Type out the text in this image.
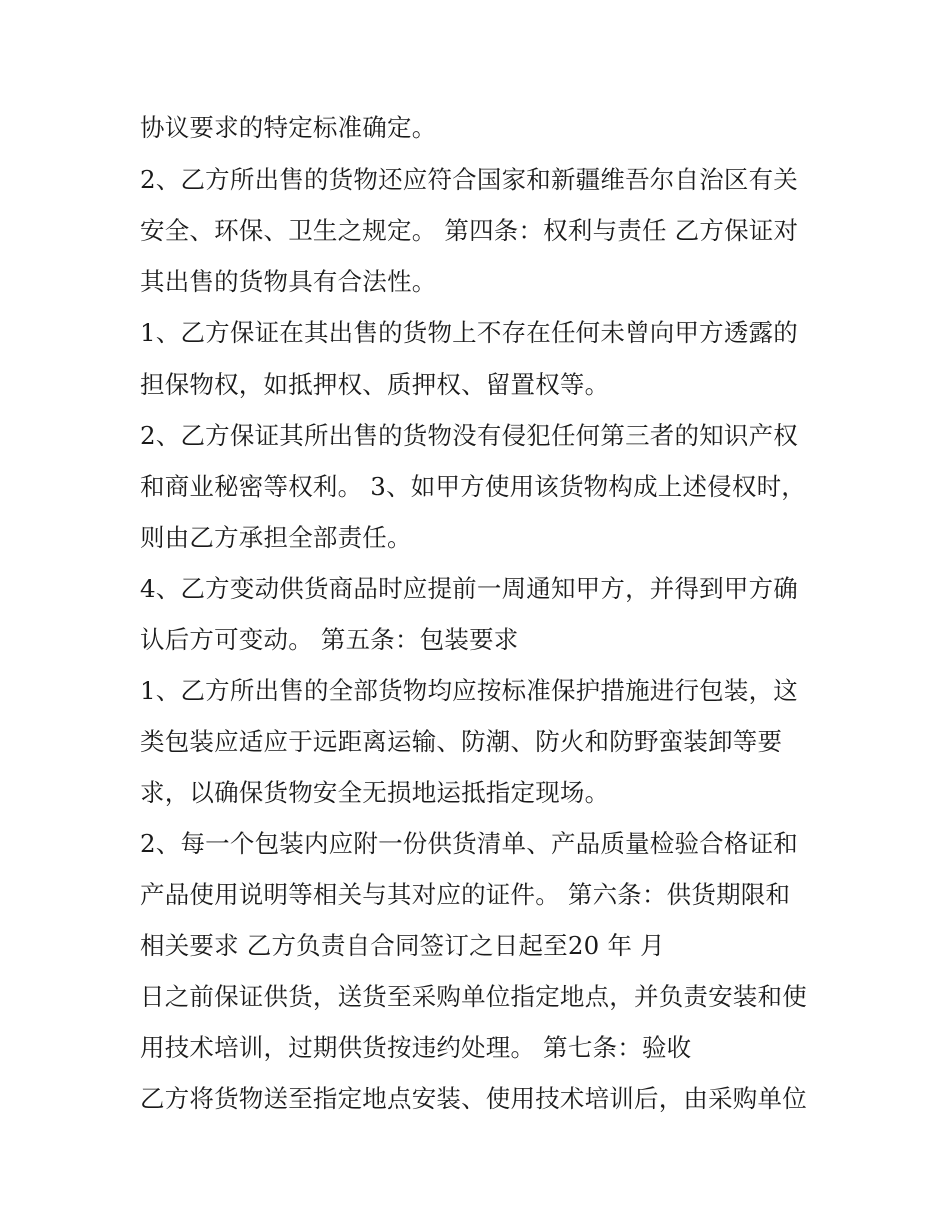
协议要求的特定标准确定。
2、乙方所出售的货物还应符合国家和新疆维吾尔自治区有关
安全、环保、卫生之规定。 第四条：权利与责任 乙方保证对
其出售的货物具有合法性。
1、乙方保证在其出售的货物上不存在任何未曾向甲方透露的
担保物权，如抵押权、质押权、留置权等。
2、乙方保证其所出售的货物没有侵犯任何第三者的知识产权
和商业秘密等权利。 3、如甲方使用该货物构成上述侵权时，
则由乙方承担全部责任。
4、乙方变动供货商品时应提前一周通知甲方，并得到甲方确
认后方可变动。 第五条：包装要求
1、乙方所出售的全部货物均应按标准保护措施进行包装，这
类包装应适应于远距离运输、防潮、防火和防野蛮装卸等要
求，以确保货物安全无损地运抵指定现场。
2、每一个包装内应附一份供货清单、产品质量检验合格证和
产品使用说明等相关与其对应的证件。 第六条：供货期限和
相关要求 乙方负责自合同签订之日起至20 年 月
日之前保证供货，送货至采购单位指定地点，并负责安装和使
用技术培训，过期供货按违约处理。 第七条：验收
乙方将货物送至指定地点安装、使用技术培训后，由采购单位
